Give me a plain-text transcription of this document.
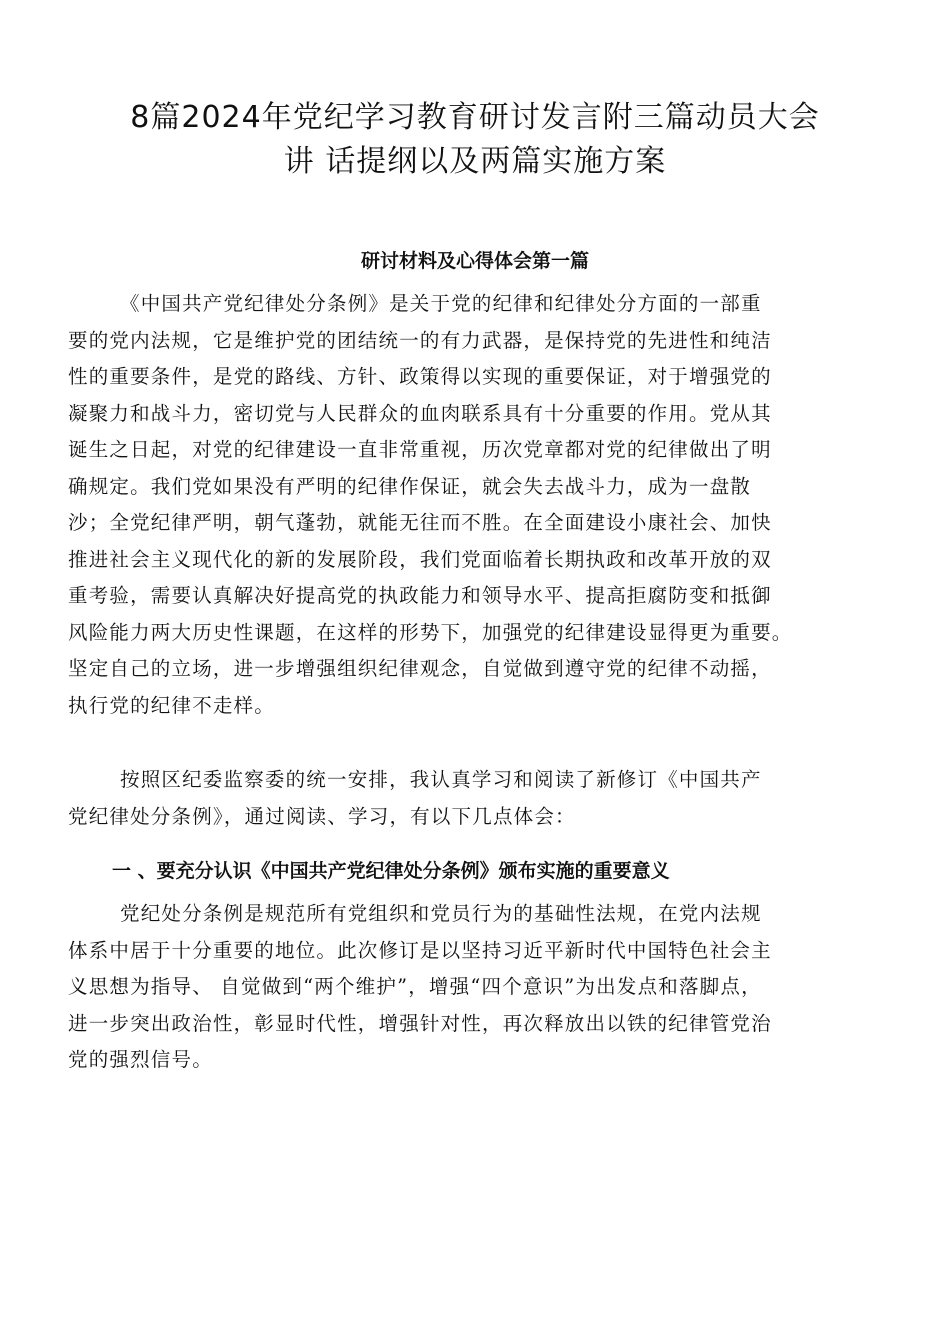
8篇2024年党纪学习教育研讨发言附三篇动员大会
讲 话提纲以及两篇实施方案
研讨材料及心得体会第一篇
《中国共产党纪律处分条例》是关于党的纪律和纪律处分方面的一部重
要的党内法规，它是维护党的团结统一的有力武器，是保持党的先进性和纯洁
性的重要条件，是党的路线、方针、政策得以实现的重要保证，对于增强党的
凝聚力和战斗力，密切党与人民群众的血肉联系具有十分重要的作用。党从其
诞生之日起，对党的纪律建设一直非常重视，历次党章都对党的纪律做出了明
确规定。我们党如果没有严明的纪律作保证，就会失去战斗力，成为一盘散
沙；全党纪律严明，朝气蓬勃，就能无往而不胜。在全面建设小康社会、加快
推进社会主义现代化的新的发展阶段，我们党面临着长期执政和改革开放的双
重考验，需要认真解决好提高党的执政能力和领导水平、提高拒腐防变和抵御
风险能力两大历史性课题，在这样的形势下，加强党的纪律建设显得更为重要。
坚定自己的立场，进一步增强组织纪律观念，自觉做到遵守党的纪律不动摇，
执行党的纪律不走样。
按照区纪委监察委的统一安排，我认真学习和阅读了新修订《中国共产
党纪律处分条例》，通过阅读、学习，有以下几点体会：
一 、要充分认识《中国共产党纪律处分条例》颁布实施的重要意义
党纪处分条例是规范所有党组织和党员行为的基础性法规，在党内法规
体系中居于十分重要的地位。此次修订是以坚持习近平新时代中国特色社会主
义思想为指导、 自觉做到“两个维护”，增强“四个意识”为出发点和落脚点，
进一步突出政治性，彰显时代性，增强针对性，再次释放出以铁的纪律管党治
党的强烈信号。
